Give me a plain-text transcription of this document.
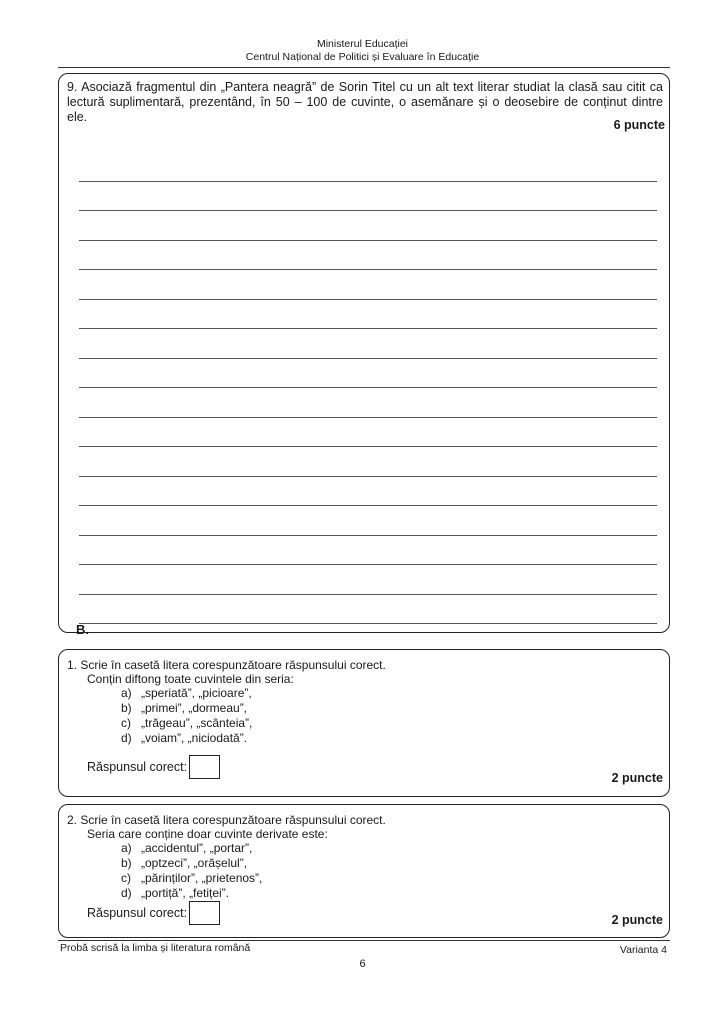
Ministerul Educației
Centrul Național de Politici și Evaluare în Educație
9. Asociază fragmentul din „Pantera neagră” de Sorin Titel cu un alt text literar studiat la clasă sau citit ca lectură suplimentară, prezentând, în 50 – 100 de cuvinte, o asemănare și o deosebire de conținut dintre ele.
6 puncte
B.
1. Scrie în casetă litera corespunzătoare răspunsului corect.
Conțin diftong toate cuvintele din seria:
a) „speriată”, „picioare”,
b) „primei”, „dormeau”,
c) „trăgeau”, „scânteia”,
d) „voiam”, „niciodată”.
Răspunsul corect:
2 puncte
2. Scrie în casetă litera corespunzătoare răspunsului corect.
Seria care conține doar cuvinte derivate este:
a) „accidentul”, „portar”,
b) „optzeci”, „orășelul”,
c) „părinților”, „prietenos”,
d) „portiță”, „fetiței”.
Răspunsul corect:	2 puncte
Probă scrisă la limba și literatura română	Varianta 4
6
